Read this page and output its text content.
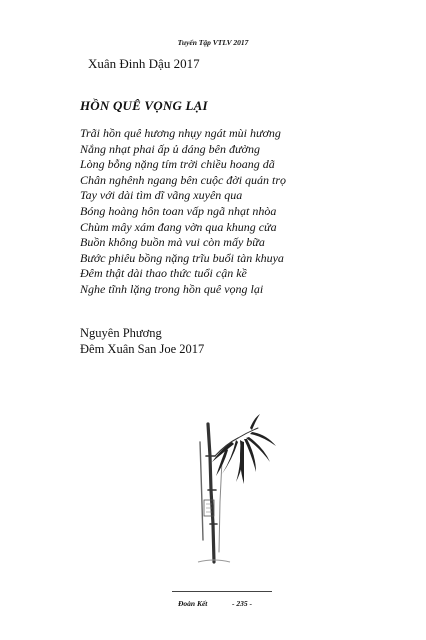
Tuyển Tập VTLV 2017
Xuân Đinh Dậu 2017
HỒN QUÊ VỌNG LẠI
Trãi hồn quê hương nhụy ngát mùi hương
Nắng nhạt phai ấp ủ dáng bên đường
Lòng bỗng nặng tím trời chiều hoang dã
Chân nghênh ngang bên cuộc đời quán trọ
Tay với dài tìm dĩ vãng xuyên qua
Bóng hoàng hôn toan vấp ngã nhạt nhòa
Chùm mây xám đang vờn qua khung cửa
Buồn không buồn mà vui còn mấy bữa
Bước phiêu bồng nặng trĩu buổi tàn khuya
Đêm thật dài thao thức tuổi cận kề
Nghe tĩnh lặng trong hồn quê vọng lại
Nguyên Phương
Đêm Xuân San Joe 2017
Đoàn Kết	- 235 -
